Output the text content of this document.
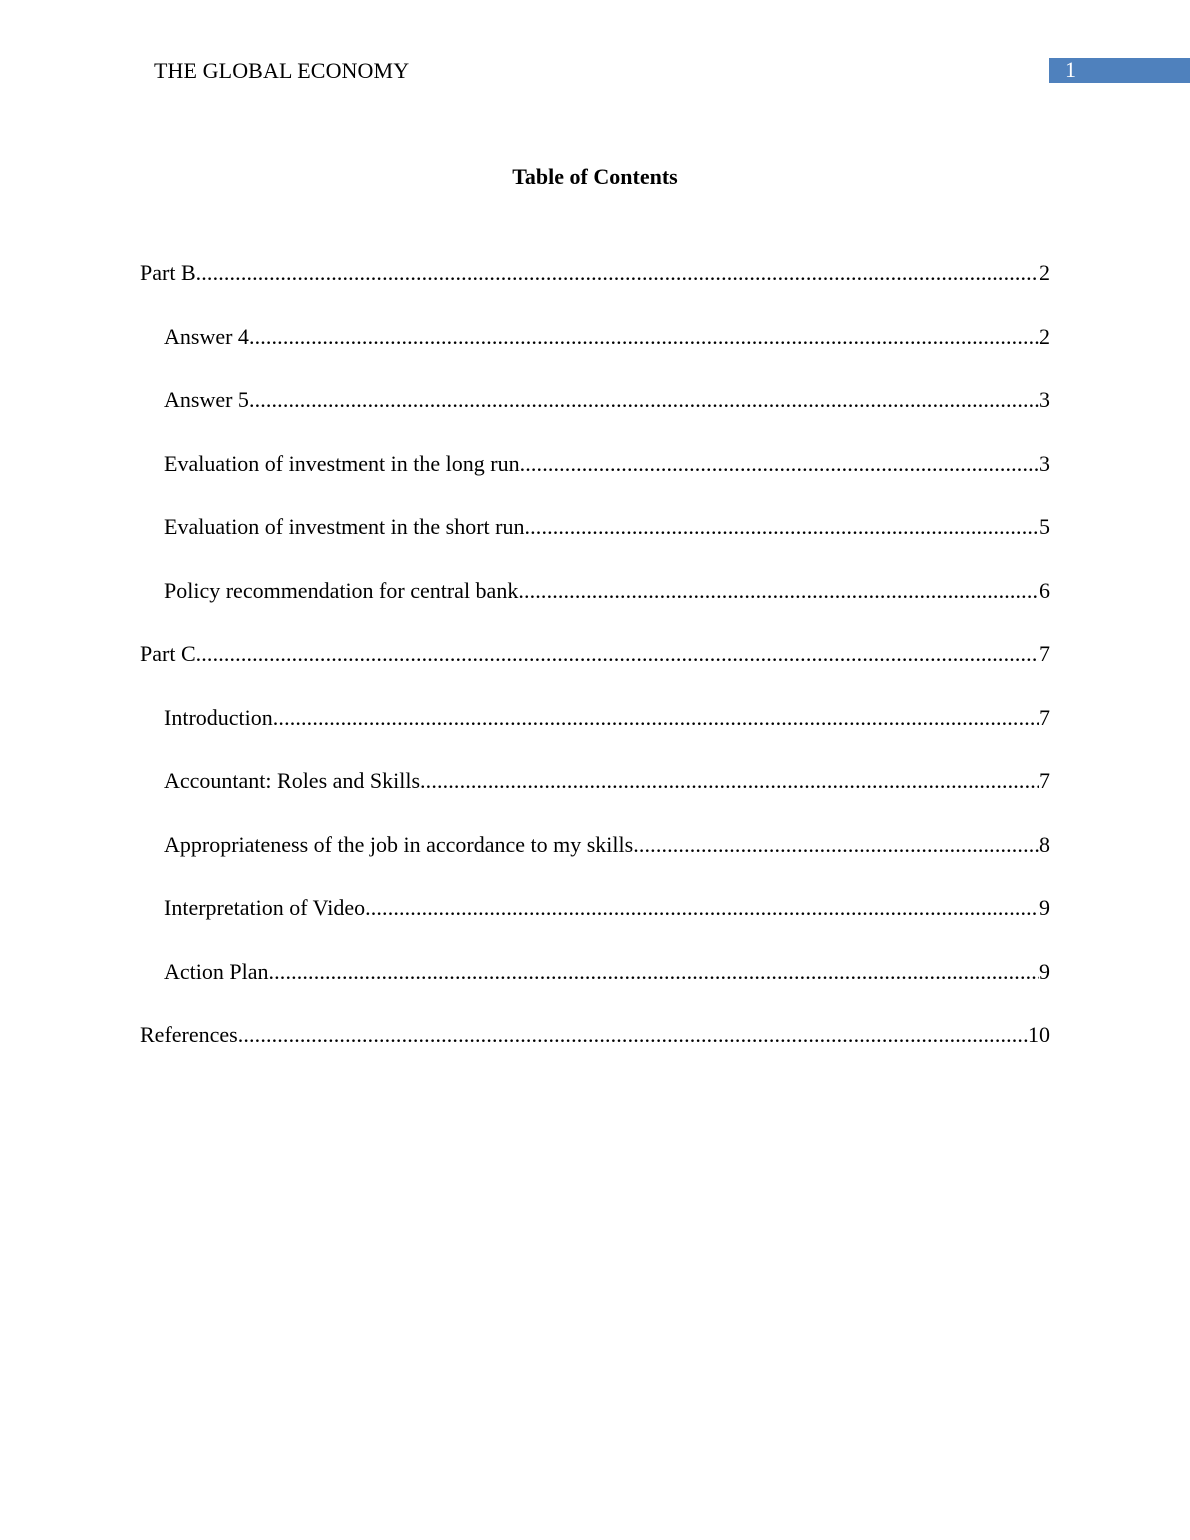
THE GLOBAL ECONOMY	1
Table of Contents
Part B .....	2
Answer 4 .....	2
Answer 5 .....	3
Evaluation of investment in the long run .....	3
Evaluation of investment in the short run .....	5
Policy recommendation for central bank .....	6
Part C .....	7
Introduction .....	7
Accountant: Roles and Skills .....	7
Appropriateness of the job in accordance to my skills .....	8
Interpretation of Video .....	9
Action Plan .....	9
References .....	10
